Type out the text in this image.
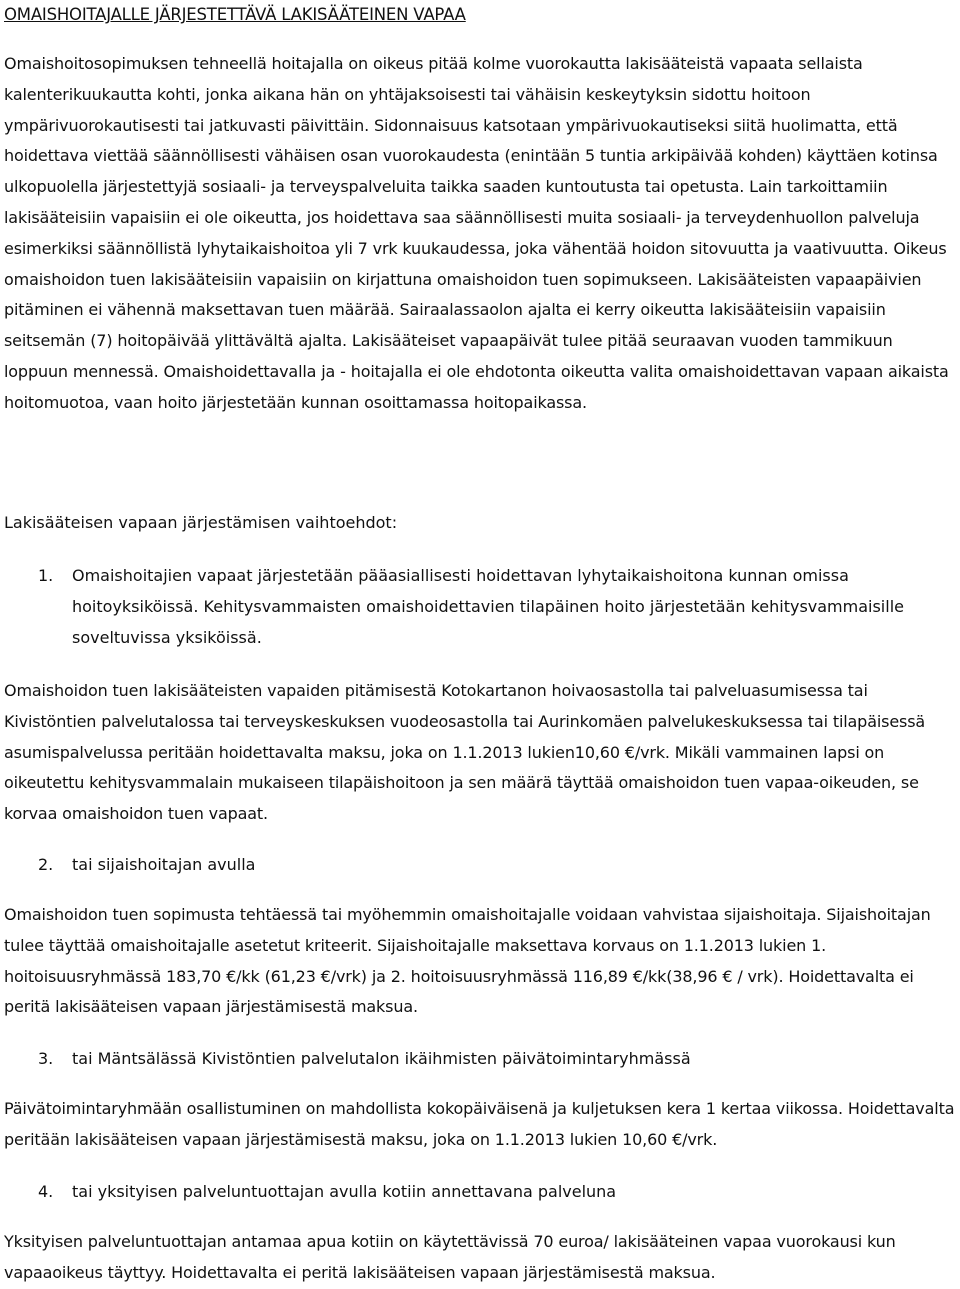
OMAISHOITAJALLE JÄRJESTETTÄVÄ LAKISÄÄTEINEN VAPAA

Omaishoitosopimuksen tehneellä hoitajalla on oikeus pitää kolme vuorokautta lakisääteistä vapaata sellaista kalenterikuukautta kohti, jonka aikana hän on yhtäjaksoisesti tai vähäisin keskeytyksin sidottu hoitoon ympärivuorokautisesti tai jatkuvasti päivittäin. Sidonnaisuus katsotaan ympärivuokautiseksi siitä huolimatta, että hoidettava viettää säännöllisesti vähäisen osan vuorokaudesta (enintään 5 tuntia arkipäivää kohden) käyttäen kotinsa ulkopuolella järjestettyjä sosiaali- ja terveyspalveluita taikka saaden kuntoutusta tai opetusta. Lain tarkoittamiin lakisääteisiin vapaisiin ei ole oikeutta, jos hoidettava saa säännöllisesti muita sosiaali- ja terveydenhuollon palveluja esimerkiksi säännöllistä lyhytaikaishoitoa yli 7 vrk kuukaudessa, joka vähentää hoidon sitovuutta ja vaativuutta. Oikeus omaishoidon tuen lakisääteisiin vapaisiin on kirjattuna omaishoidon tuen sopimukseen. Lakisääteisten vapaapäivien pitäminen ei vähennä maksettavan tuen määrää. Sairaalassaolon ajalta ei kerry oikeutta lakisääteisiin vapaisiin seitsemän (7) hoitopäivää ylittävältä ajalta. Lakisääteiset vapaapäivät tulee pitää seuraavan vuoden tammikuun loppuun mennessä. Omaishoidettavalla ja - hoitajalla ei ole ehdotonta oikeutta valita omaishoidettavan vapaan aikaista hoitomuotoa, vaan hoito järjestetään kunnan osoittamassa hoitopaikassa.

Lakisääteisen vapaan järjestämisen vaihtoehdot:
1. Omaishoitajien vapaat järjestetään pääasiallisesti hoidettavan lyhytaikaishoitona kunnan omissa hoitoyksiköissä. Kehitysvammaisten omaishoidettavien tilapäinen hoito järjestetään kehitysvammaisille soveltuvissa yksiköissä.

Omaishoidon tuen lakisääteisten vapaiden pitämisestä Kotokartanon hoivaosastolla tai palveluasumisessa tai Kivistöntien palvelutalossa tai terveyskeskuksen vuodeosastolla tai Aurinkomäen palvelukeskuksessa tai tilapäisessä asumispalvelussa peritään hoidettavalta maksu, joka on 1.1.2013 lukien10,60 €/vrk. Mikäli vammainen lapsi on oikeutettu kehitysvammalain mukaiseen tilapäishoitoon ja sen määrä täyttää omaishoidon tuen vapaa-oikeuden, se korvaa omaishoidon tuen vapaat.

2. tai sijaishoitajan avulla

Omaishoidon tuen sopimusta tehtäessä tai myöhemmin omaishoitajalle voidaan vahvistaa sijaishoitaja. Sijaishoitajan tulee täyttää omaishoitajalle asetetut kriteerit. Sijaishoitajalle maksettava korvaus on 1.1.2013 lukien 1. hoitoisuusryhmässä 183,70 €/kk (61,23 €/vrk) ja 2. hoitoisuusryhmässä 116,89 €/kk(38,96 € / vrk). Hoidettavalta ei peritä lakisääteisen vapaan järjestämisestä maksua.

3. tai Mäntsälässä Kivistöntien palvelutalon ikäihmisten päivätoimintaryhmässä

Päivätoimintaryhmään osallistuminen on mahdollista kokopäiväisenä ja kuljetuksen kera 1 kertaa viikossa. Hoidettavalta peritään lakisääteisen vapaan järjestämisestä maksu, joka on 1.1.2013 lukien 10,60 €/vrk.

4. tai yksityisen palveluntuottajan avulla kotiin annettavana palveluna

Yksityisen palveluntuottajan antamaa apua kotiin on käytettävissä 70 euroa/ lakisääteinen vapaa vuorokausi kun vapaaoikeus täyttyy. Hoidettavalta ei peritä lakisääteisen vapaan järjestämisestä maksua.
